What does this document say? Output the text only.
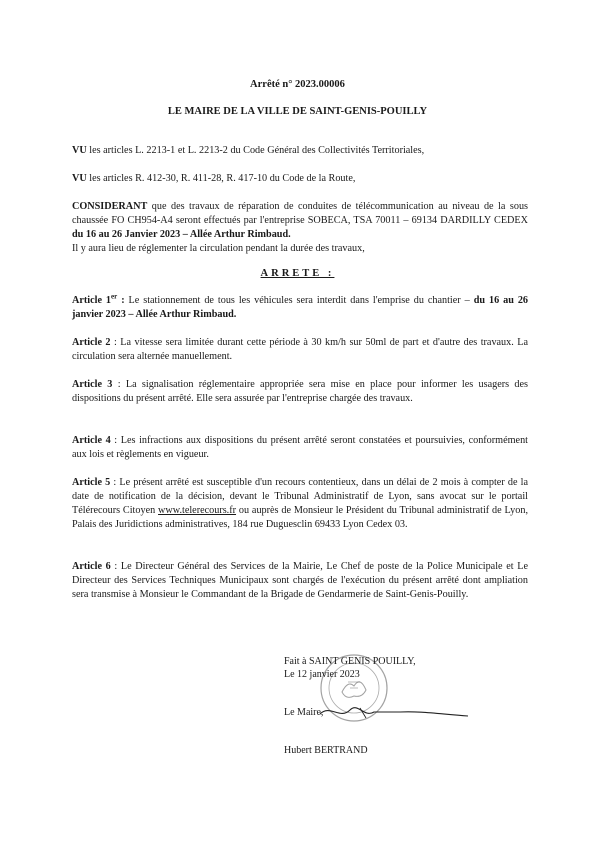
Arrêté n° 2023.00006
LE MAIRE DE LA VILLE DE SAINT-GENIS-POUILLY
VU les articles L. 2213-1 et L. 2213-2 du Code Général des Collectivités Territoriales,
VU les articles R. 412-30, R. 411-28, R. 417-10 du Code de la Route,
CONSIDERANT que des travaux de réparation de conduites de télécommunication au niveau de la sous chaussée FO CH954-A4 seront effectués par l'entreprise SOBECA, TSA 70011 – 69134 DARDILLY CEDEX du 16 au 26 Janvier 2023 – Allée Arthur Rimbaud.
Il y aura lieu de réglementer la circulation pendant la durée des travaux,
ARRETE :
Article 1er : Le stationnement de tous les véhicules sera interdit dans l'emprise du chantier – du 16 au 26 janvier 2023 – Allée Arthur Rimbaud.
Article 2 : La vitesse sera limitée durant cette période à 30 km/h sur 50ml de part et d'autre des travaux. La circulation sera alternée manuellement.
Article 3 : La signalisation réglementaire appropriée sera mise en place pour informer les usagers des dispositions du présent arrêté. Elle sera assurée par l'entreprise chargée des travaux.
Article 4 : Les infractions aux dispositions du présent arrêté seront constatées et poursuivies, conformément aux lois et règlements en vigueur.
Article 5 : Le présent arrêté est susceptible d'un recours contentieux, dans un délai de 2 mois à compter de la date de notification de la décision, devant le Tribunal Administratif de Lyon, sans avocat sur le portail Télérecours Citoyen www.telerecours.fr ou auprès de Monsieur le Président du Tribunal administratif de Lyon, Palais des Juridictions administratives, 184 rue Duguesclin 69433 Lyon Cedex 03.
Article 6 : Le Directeur Général des Services de la Mairie, Le Chef de poste de la Police Municipale et Le Directeur des Services Techniques Municipaux sont chargés de l'exécution du présent arrêté dont ampliation sera transmise à Monsieur le Commandant de la Brigade de Gendarmerie de Saint-Genis-Pouilly.
Fait à SAINT GENIS POUILLY,
Le 12 janvier 2023
Le Maire,
Hubert BERTRAND
